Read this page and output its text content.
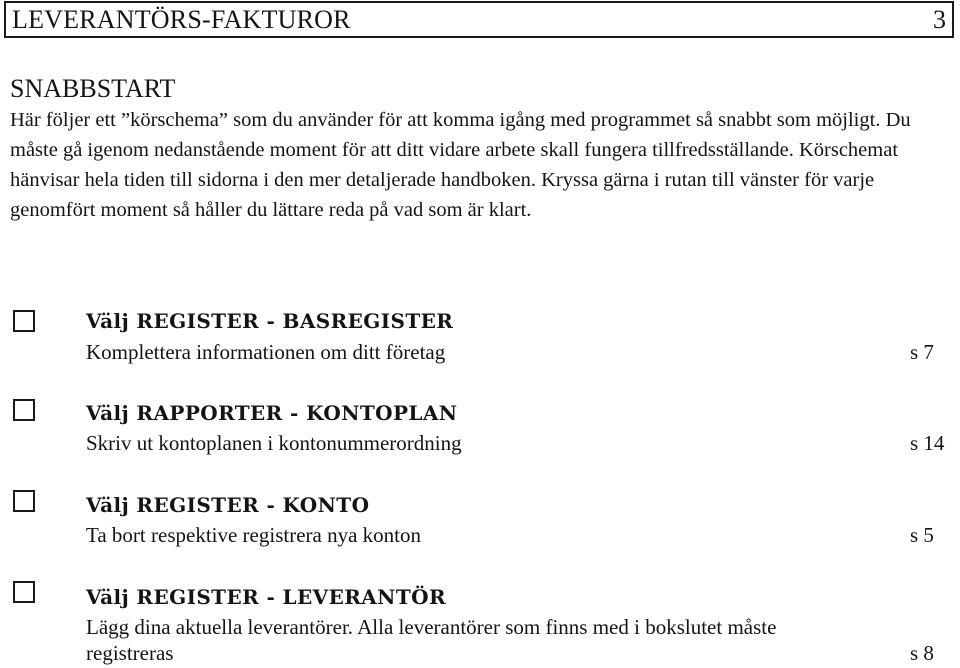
LEVERANTÖRS-FAKTUROR	3
SNABBSTART

Här följer ett ”körschema” som du använder för att komma igång med programmet så snabbt som möjligt. Du måste gå igenom nedanstående moment för att ditt vidare arbete skall fungera tillfredsställande. Körschemat hänvisar hela tiden till sidorna i den mer detaljerade handboken. Kryssa gärna i rutan till vänster för varje genomfört moment så håller du lättare reda på vad som är klart.

Välj REGISTER - BASREGISTER
Komplettera informationen om ditt företag	s 7
Välj RAPPORTER - KONTOPLAN
Skriv ut kontoplanen i kontonummerordning	s 14
Välj REGISTER - KONTO
Ta bort respektive registrera nya konton	s 5
Välj REGISTER - LEVERANTÖR
Lägg dina aktuella leverantörer. Alla leverantörer som finns med i bokslutet måste registreras	s 8
